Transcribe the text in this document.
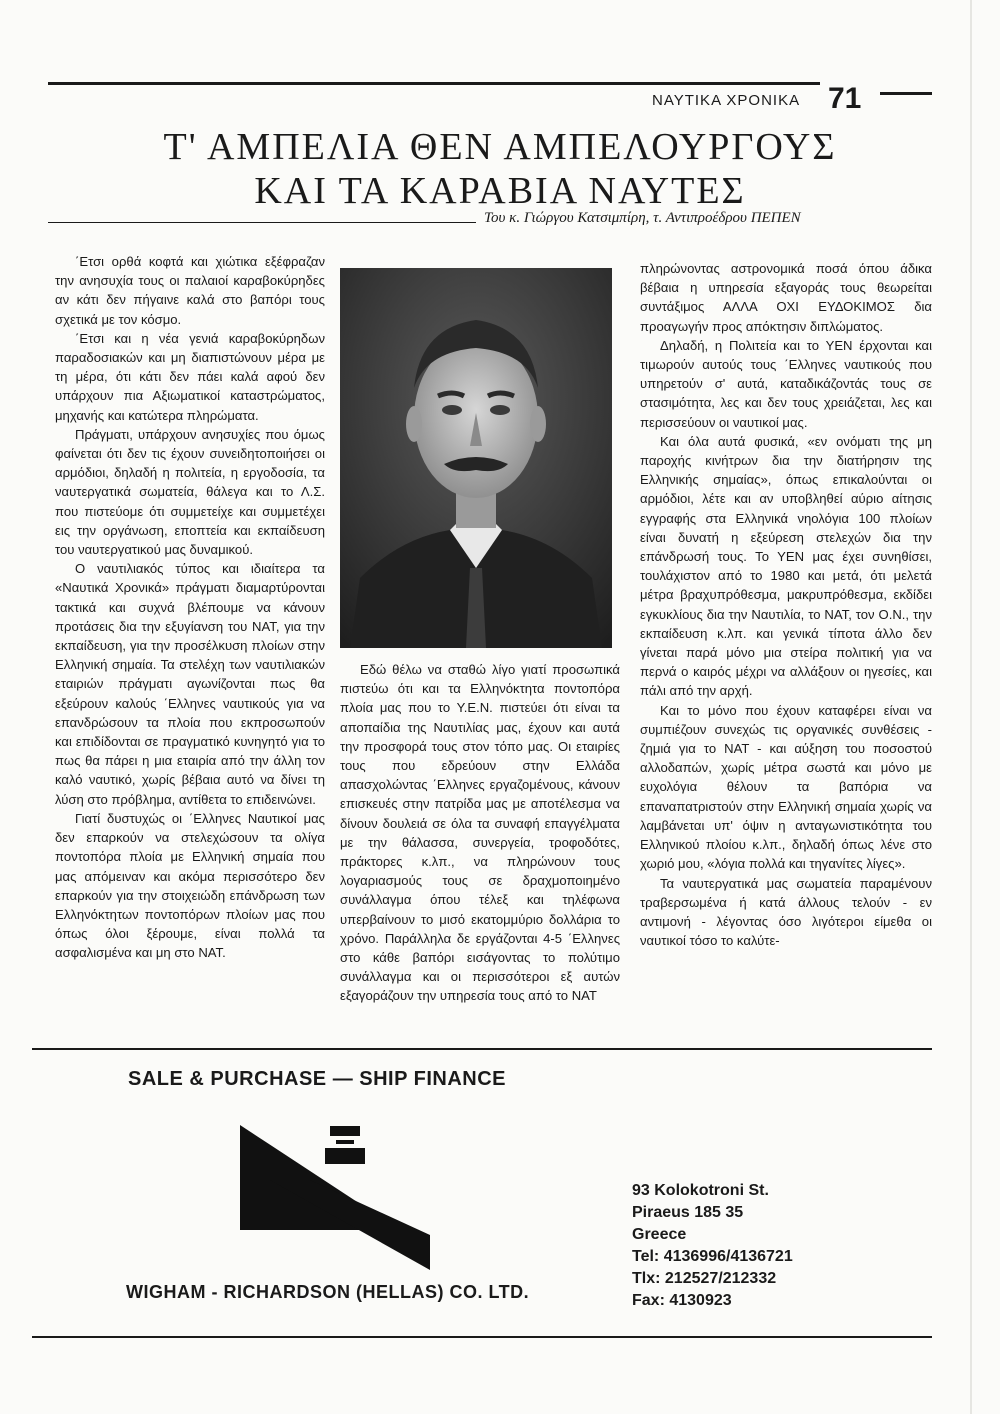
ΝΑΥΤΙΚΑ ΧΡΟΝΙΚΑ 71
Τ' ΑΜΠΕΛΙΑ ΘΕΝ ΑΜΠΕΛΟΥΡΓΟΥΣ
ΚΑΙ ΤΑ ΚΑΡΑΒΙΑ ΝΑΥΤΕΣ
Του κ. Γιώργου Κατσιμπίρη, τ. Αντιπροέδρου ΠΕΠΕΝ

΄Ετσι ορθά κοφτά και χιώτικα εξέφραζαν την ανησυχία τους οι παλαιοί καραβοκύρηδες αν κάτι δεν πήγαινε καλά στο βαπόρι τους σχετικά με τον κόσμο.

΄Ετσι και η νέα γενιά καραβοκύρηδων παραδοσιακών και μη διαπιστώνουν μέρα με τη μέρα, ότι κάτι δεν πάει καλά αφού δεν υπάρχουν πια Αξιωματικοί καταστρώματος, μηχανής και κατώτερα πληρώματα.

Πράγματι, υπάρχουν ανησυχίες που όμως φαίνεται ότι δεν τις έχουν συνειδητοποιήσει οι αρμόδιοι, δηλαδή η πολιτεία, η εργοδοσία, τα ναυτεργατικά σωματεία, θάλεγα και το Λ.Σ. που πιστεύομε ότι συμμετείχε και συμμετέχει εις την οργάνωση, εποπτεία και εκπαίδευση του ναυτεργατικού μας δυναμικού.

Ο ναυτιλιακός τύπος και ιδιαίτερα τα «Ναυτικά Χρονικά» πράγματι διαμαρτύρονται τακτικά και συχνά βλέπουμε να κάνουν προτάσεις δια την εξυγίανση του ΝΑΤ, για την εκπαίδευση, για την προσέλκυση πλοίων στην Ελληνική σημαία. Τα στελέχη των ναυτιλιακών εταιριών πράγματι αγωνίζονται πως θα εξεύρουν καλούς ΄Ελληνες ναυτικούς για να επανδρώσουν τα πλοία που εκπροσωπούν και επιδίδονται σε πραγματικό κυνηγητό για το πως θα πάρει η μια εταιρία από την άλλη τον καλό ναυτικό, χωρίς βέβαια αυτό να δίνει τη λύση στο πρόβλημα, αντίθετα το επιδεινώνει.

Γιατί δυστυχώς οι ΄Ελληνες Ναυτικοί μας δεν επαρκούν να στελεχώσουν τα ολίγα ποντοπόρα πλοία με Ελληνική σημαία που μας απόμειναν και ακόμα περισσότερο δεν επαρκούν για την στοιχειώδη επάνδρωση των Ελληνόκτητων ποντοπόρων πλοίων μας που όπως όλοι ξέρουμε, είναι πολλά τα ασφαλισμένα και μη στο ΝΑΤ.

Εδώ θέλω να σταθώ λίγο γιατί προσωπικά πιστεύω ότι και τα Ελληνόκτητα ποντοπόρα πλοία μας που το Υ.Ε.Ν. πιστεύει ότι είναι τα αποπαίδια της Ναυτιλίας μας, έχουν και αυτά την προσφορά τους στον τόπο μας. Οι εταιρίες τους που εδρεύουν στην Ελλάδα απασχολώντας ΄Ελληνες εργαζομένους, κάνουν επισκευές στην πατρίδα μας με αποτέλεσμα να δίνουν δουλειά σε όλα τα συναφή επαγγέλματα με την θάλασσα, συνεργεία, τροφοδότες, πράκτορες κ.λπ., να πληρώνουν τους λογαριασμούς τους σε δραχμοποιημένο συνάλλαγμα όπου τέλεξ και τηλέφωνα υπερβαίνουν το μισό εκατομμύριο δολλάρια το χρόνο. Παράλληλα δε εργάζονται 4-5 ΄Ελληνες στο κάθε βαπόρι εισάγοντας το πολύτιμο συνάλλαγμα και οι περισσότεροι εξ αυτών εξαγοράζουν την υπηρεσία τους από το ΝΑΤ

πληρώνοντας αστρονομικά ποσά όπου άδικα βέβαια η υπηρεσία εξαγοράς τους θεωρείται συντάξιμος ΑΛΛΑ ΟΧΙ ΕΥΔΟΚΙΜΟΣ δια προαγωγήν προς απόκτησιν διπλώματος.

Δηλαδή, η Πολιτεία και το ΥΕΝ έρχονται και τιμωρούν αυτούς τους ΄Ελληνες ναυτικούς που υπηρετούν σ' αυτά, καταδικάζοντάς τους σε στασιμότητα, λες και δεν τους χρειάζεται, λες και περισσεύουν οι ναυτικοί μας.

Και όλα αυτά φυσικά, «εν ονόματι της μη παροχής κινήτρων δια την διατήρησιν της Ελληνικής σημαίας», όπως επικαλούνται οι αρμόδιοι, λέτε και αν υποβληθεί αύριο αίτησις εγγραφής στα Ελληνικά νηολόγια 100 πλοίων είναι δυνατή η εξεύρεση στελεχών δια την επάνδρωσή τους. Το ΥΕΝ μας έχει συνηθίσει, τουλάχιστον από το 1980 και μετά, ότι μελετά μέτρα βραχυπρόθεσμα, μακρυπρόθεσμα, εκδίδει εγκυκλίους δια την Ναυτιλία, το ΝΑΤ, τον Ο.Ν., την εκπαίδευση κ.λπ. και γενικά τίποτα άλλο δεν γίνεται παρά μόνο μια στείρα πολιτική για να περνά ο καιρός μέχρι να αλλάξουν οι ηγεσίες, και πάλι από την αρχή.

Και το μόνο που έχουν καταφέρει είναι να συμπιέζουν συνεχώς τις οργανικές συνθέσεις - ζημιά για το ΝΑΤ - και αύξηση του ποσοστού αλλοδαπών, χωρίς μέτρα σωστά και μόνο με ευχολόγια θέλουν τα βαπόρια να επαναπατριστούν στην Ελληνική σημαία χωρίς να λαμβάνεται υπ' όψιν η ανταγωνιστικότητα του Ελληνικού πλοίου κ.λπ., δηλαδή όπως λένε στο χωριό μου, «λόγια πολλά και τηγανίτες λίγες».

Τα ναυτεργατικά μας σωματεία παραμένουν τραβερσωμένα ή κατά άλλους τελούν - εν αντιμονή - λέγοντας όσο λιγότεροι είμεθα οι ναυτικοί τόσο το καλύτε-

SALE & PURCHASE — SHIP FINANCE
WIGHAM - RICHARDSON (HELLAS) CO. LTD.
93 Kolokotroni St.
Piraeus 185 35
Greece
Tel: 4136996/4136721
Tlx: 212527/212332
Fax: 4130923
